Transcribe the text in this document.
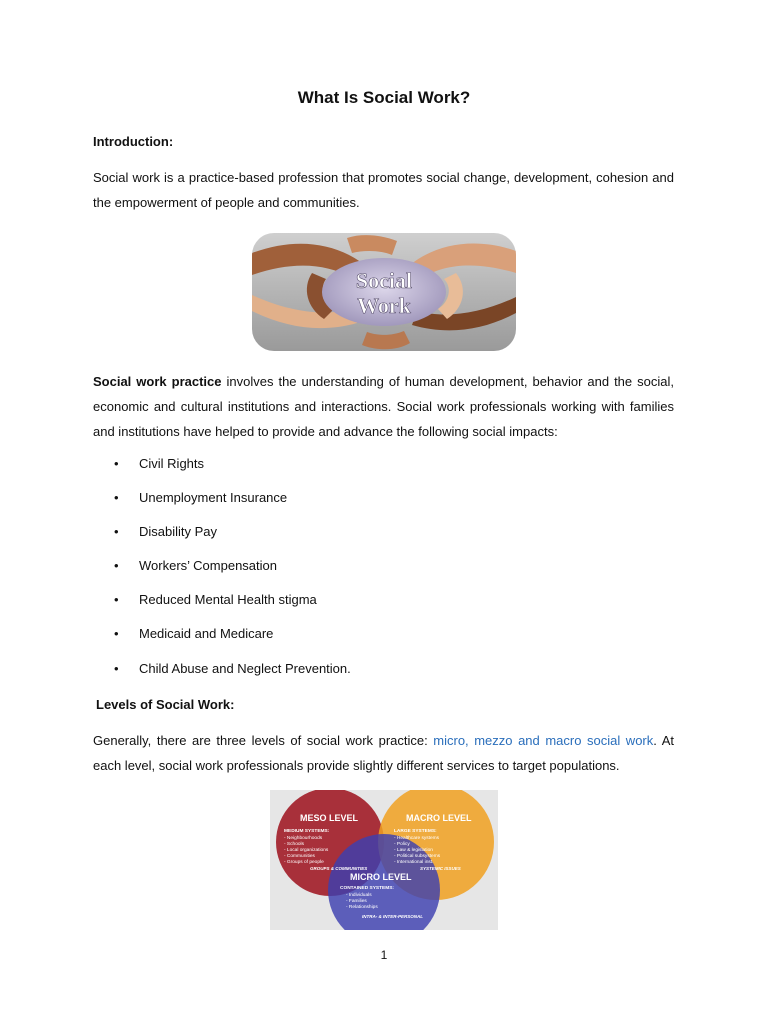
What Is Social Work?
Introduction:
Social work is a practice-based profession that promotes social change, development, cohesion and the empowerment of people and communities.
Social
Work
Social work practice involves the understanding of human development, behavior and the social, economic and cultural institutions and interactions. Social work professionals working with families and institutions have helped to provide and advance the following social impacts:
• Civil Rights
• Unemployment Insurance
• Disability Pay
• Workers’ Compensation
• Reduced Mental Health stigma
• Medicaid and Medicare
• Child Abuse and Neglect Prevention.
Levels of Social Work:
Generally, there are three levels of social work practice: micro, mezzo and macro social work. At each level, social work professionals provide slightly different services to target populations.
MESO LEVEL
MEDIUM SYSTEMS:
- Neighbourhoods
- Schools
- Local organizations
- Communities
- Groups of people
GROUPS & COMMUNITIES
MACRO LEVEL
LARGE SYSTEMS:
- Healthcare systems
- Policy
- Law & legislation
- Political subsystems
- International inst.
SYSTEMIC ISSUES
MICRO LEVEL
CONTAINED SYSTEMS:
- Individuals
- Families
- Relationships
INTRA- & INTER-PERSONAL
1
